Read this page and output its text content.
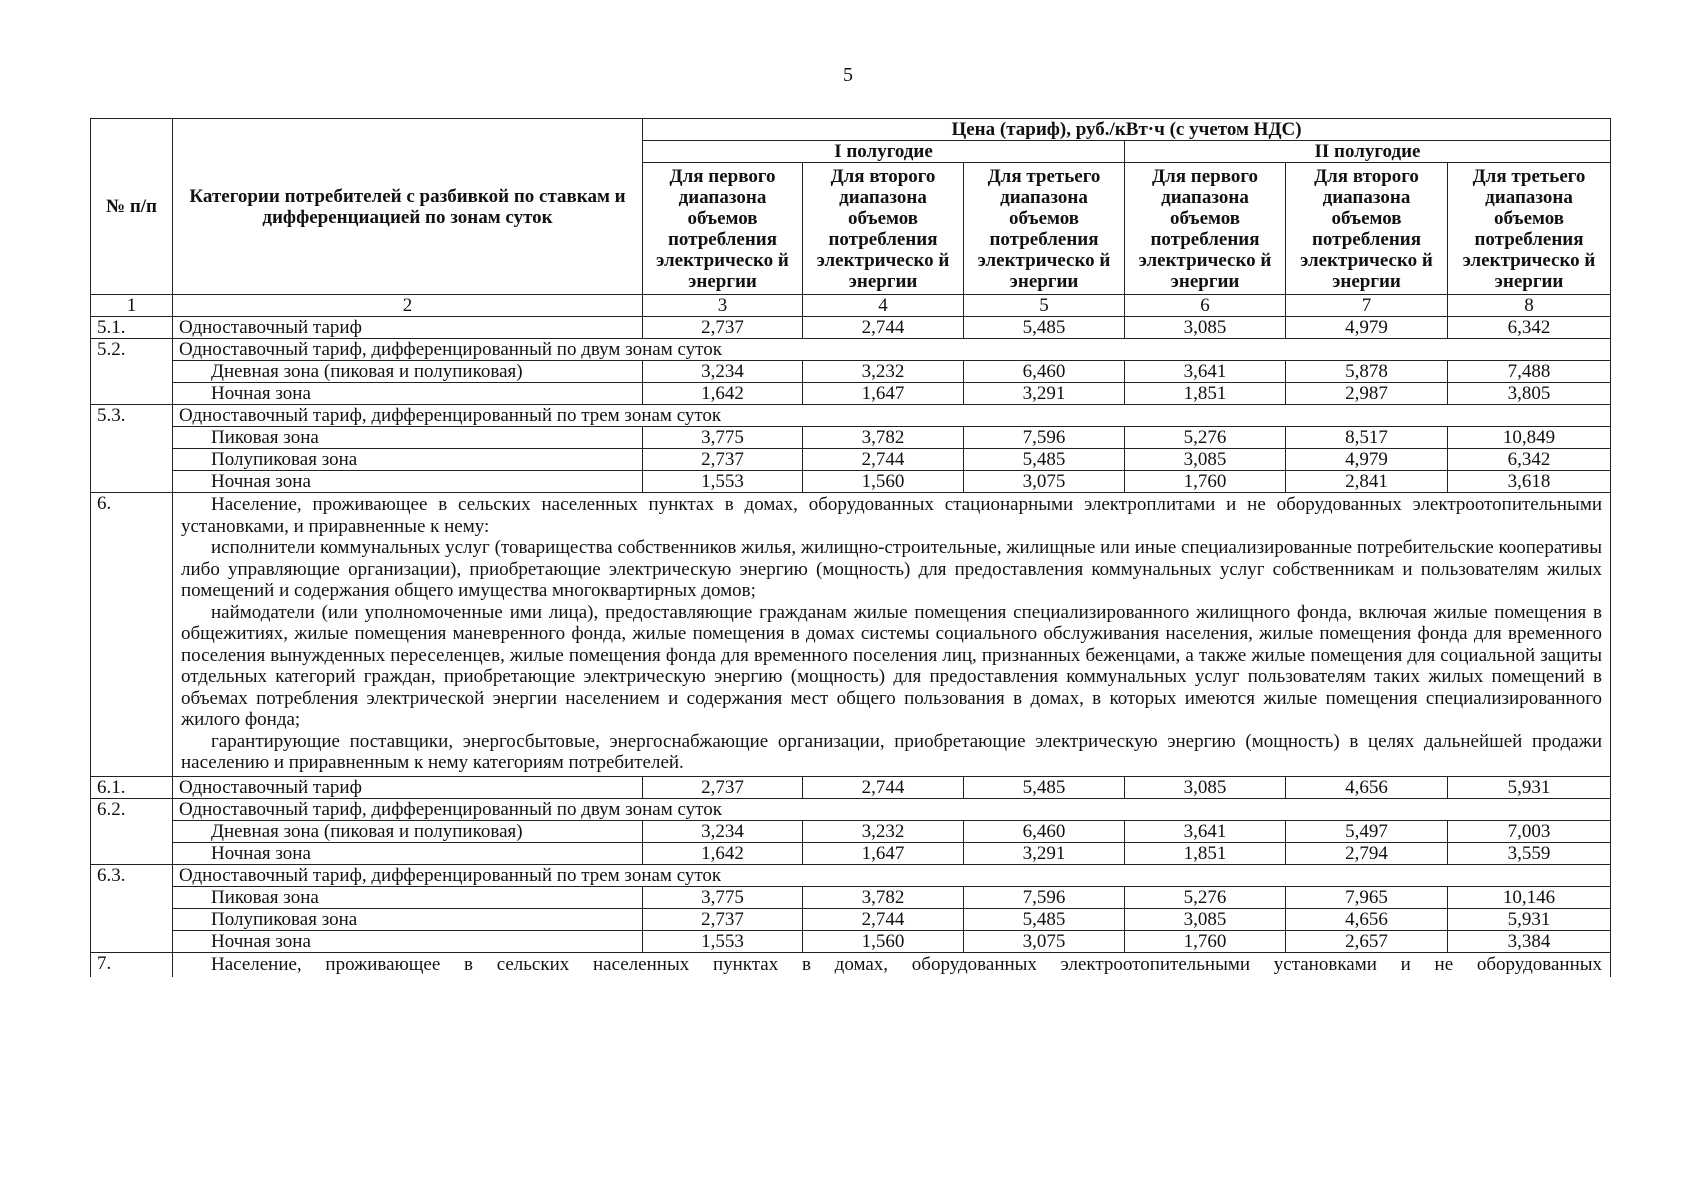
5
№ п/п	Категории потребителей с разбивкой по ставкам и дифференциацией по зонам суток	Цена (тариф), руб./кВт·ч (с учетом НДС)					
		I полугодие			II полугодие		
		Для первого диапазона объемов потребления электрическо й энергии	Для второго диапазона объемов потребления электрическо й энергии	Для третьего диапазона объемов потребления электрическо й энергии	Для первого диапазона объемов потребления электрическо й энергии	Для второго диапазона объемов потребления электрическо й энергии	Для третьего диапазона объемов потребления электрическо й энергии
1	2	3	4	5	6	7	8
5.1.	Одноставочный тариф	2,737	2,744	5,485	3,085	4,979	6,342
5.2.	Одноставочный тариф, дифференцированный по двум зонам суток						
	Дневная зона (пиковая и полупиковая)	3,234	3,232	6,460	3,641	5,878	7,488
	Ночная зона	1,642	1,647	3,291	1,851	2,987	3,805
5.3.	Одноставочный тариф, дифференцированный по трем зонам суток						
	Пиковая зона	3,775	3,782	7,596	5,276	8,517	10,849
	Полупиковая зона	2,737	2,744	5,485	3,085	4,979	6,342
	Ночная зона	1,553	1,560	3,075	1,760	2,841	3,618
6.	Население, проживающее в сельских населенных пунктах в домах, оборудованных стационарными электроплитами и не оборудованных электроотопительными установками, и приравненные к нему:

исполнители коммунальных услуг (товарищества собственников жилья, жилищно-строительные, жилищные или иные специализированные потребительские кооперативы либо управляющие организации), приобретающие электрическую энергию (мощность) для предоставления коммунальных услуг собственникам и пользователям жилых помещений и содержания общего имущества многоквартирных домов;

наймодатели (или уполномоченные ими лица), предоставляющие гражданам жилые помещения специализированного жилищного фонда, включая жилые помещения в общежитиях, жилые помещения маневренного фонда, жилые помещения в домах системы социального обслуживания населения, жилые помещения фонда для временного поселения вынужденных переселенцев, жилые помещения фонда для временного поселения лиц, признанных беженцами, а также жилые помещения для социальной защиты отдельных категорий граждан, приобретающие электрическую энергию (мощность) для предоставления коммунальных услуг пользователям таких жилых помещений в объемах потребления электрической энергии населением и содержания мест общего пользования в домах, в которых имеются жилые помещения специализированного жилого фонда;

гарантирующие поставщики, энергосбытовые, энергоснабжающие организации, приобретающие электрическую энергию (мощность) в целях дальнейшей продажи населению и приравненным к нему категориям потребителей.						

6.1.	Одноставочный тариф	2,737	2,744	5,485	3,085	4,656	5,931
6.2.	Одноставочный тариф, дифференцированный по двум зонам суток						
	Дневная зона (пиковая и полупиковая)	3,234	3,232	6,460	3,641	5,497	7,003
	Ночная зона	1,642	1,647	3,291	1,851	2,794	3,559
6.3.	Одноставочный тариф, дифференцированный по трем зонам суток						
	Пиковая зона	3,775	3,782	7,596	5,276	7,965	10,146
	Полупиковая зона	2,737	2,744	5,485	3,085	4,656	5,931
	Ночная зона	1,553	1,560	3,075	1,760	2,657	3,384
7.	Население, проживающее в сельских населенных пунктах в домах, оборудованных электроотопительными установками и не оборудованных						
